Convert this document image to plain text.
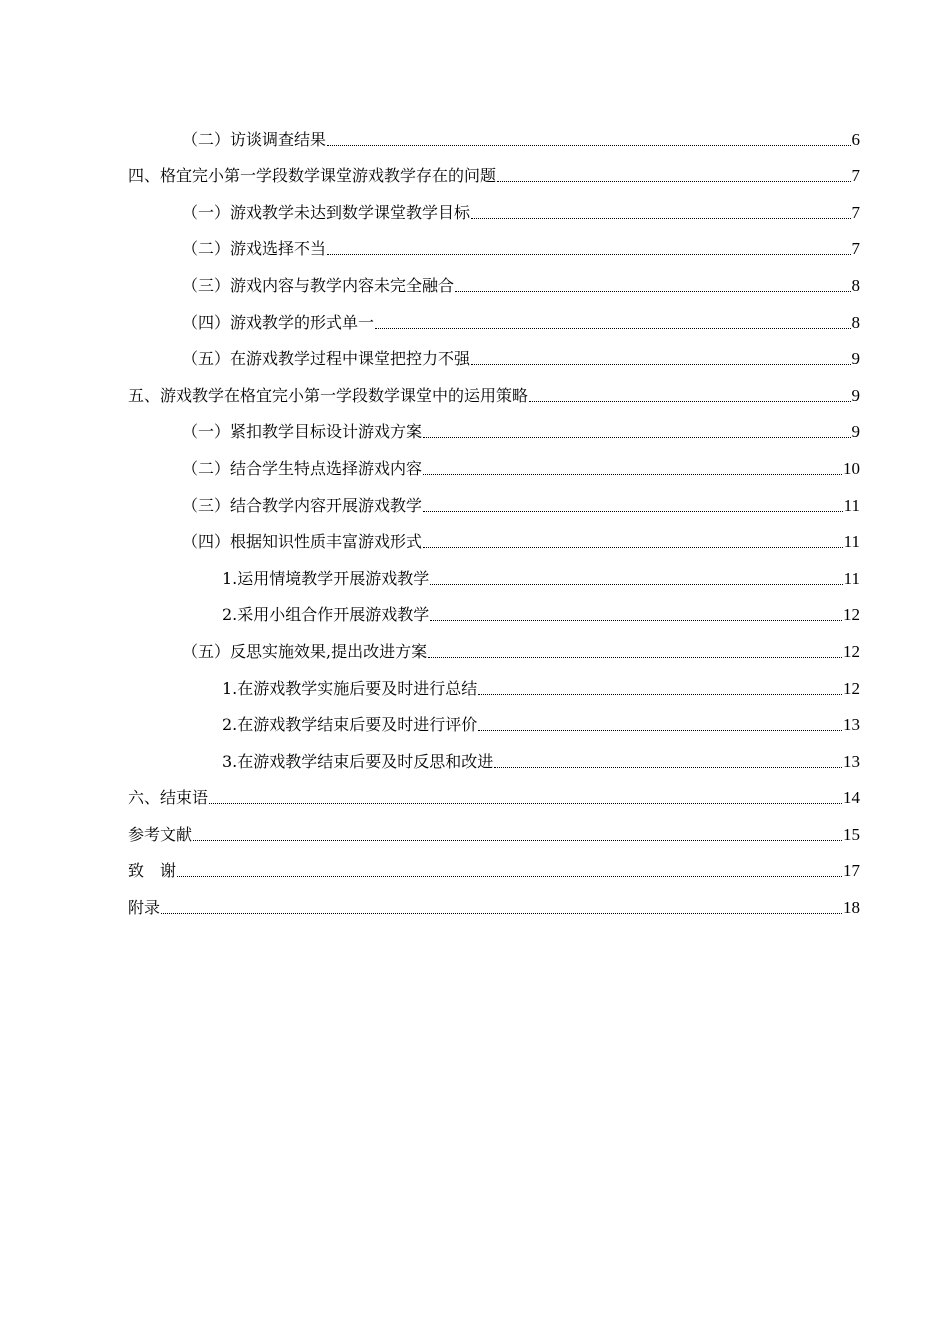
（二）访谈调查结果	6
四、格宜完小第一学段数学课堂游戏教学存在的问题	7
（一）游戏教学未达到数学课堂教学目标	7
（二）游戏选择不当	7
（三）游戏内容与教学内容未完全融合	8
（四）游戏教学的形式单一	8
（五）在游戏教学过程中课堂把控力不强	9
五、游戏教学在格宜完小第一学段数学课堂中的运用策略	9
（一）紧扣教学目标设计游戏方案	9
（二）结合学生特点选择游戏内容	10
（三）结合教学内容开展游戏教学	11
（四）根据知识性质丰富游戏形式	11
1.运用情境教学开展游戏教学	11
2.采用小组合作开展游戏教学	12
（五）反思实施效果,提出改进方案	12
1.在游戏教学实施后要及时进行总结	12
2.在游戏教学结束后要及时进行评价	13
3.在游戏教学结束后要及时反思和改进	13
六、结束语	14
参考文献	15
致　谢	17
附录	18
